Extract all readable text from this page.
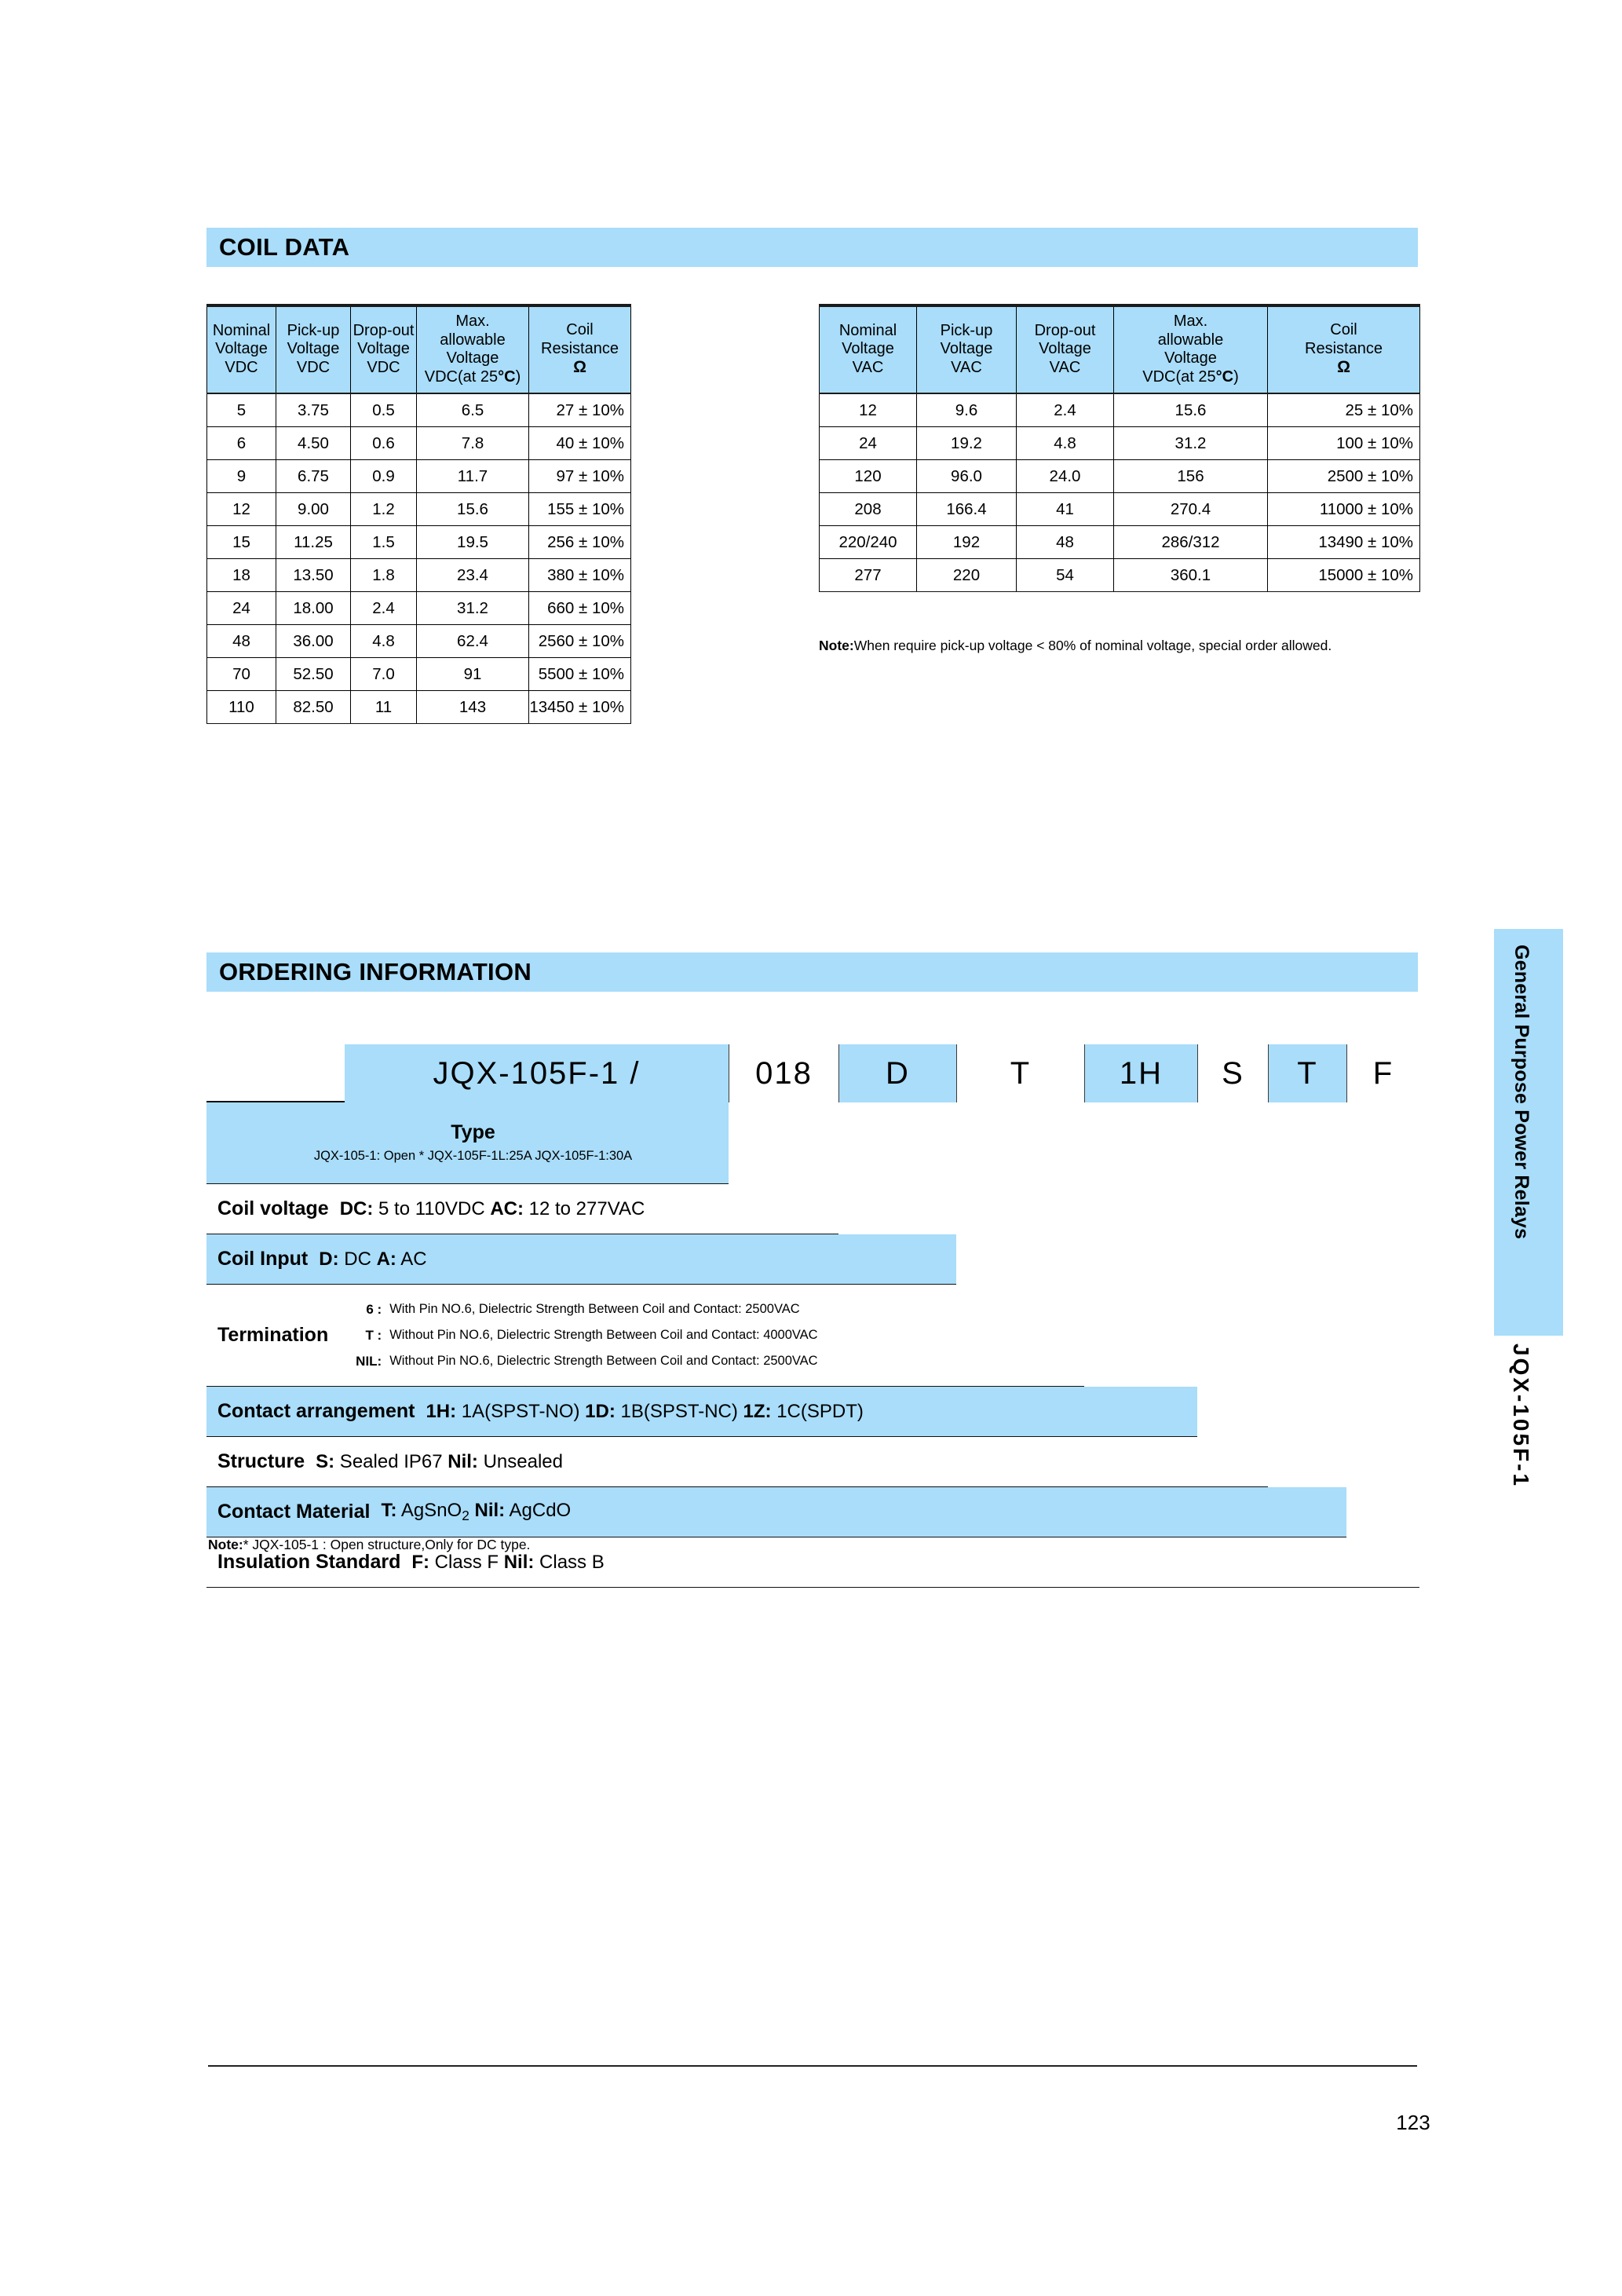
COIL DATA
Nominal
Voltage
VDC	Pick-up
Voltage
VDC	Drop-out
Voltage
VDC	Max.
allowable
Voltage
VDC(at 25°C)	Coil
Resistance
Ω
5	3.75	0.5	6.5	27 ± 10%
6	4.50	0.6	7.8	40 ± 10%
9	6.75	0.9	11.7	97 ± 10%
12	9.00	1.2	15.6	155 ± 10%
15	11.25	1.5	19.5	256 ± 10%
18	13.50	1.8	23.4	380 ± 10%
24	18.00	2.4	31.2	660 ± 10%
48	36.00	4.8	62.4	2560 ± 10%
70	52.50	7.0	91	5500 ± 10%
110	82.50	11	143	13450 ± 10%
Nominal
Voltage
VAC	Pick-up
Voltage
VAC	Drop-out
Voltage
VAC	Max.
allowable
Voltage
VDC(at 25°C)	Coil
Resistance
Ω
12	9.6	2.4	15.6	25 ± 10%
24	19.2	4.8	31.2	100 ± 10%
120	96.0	24.0	156	2500 ± 10%
208	166.4	41	270.4	11000 ± 10%
220/240	192	48	286/312	13490 ± 10%
277	220	54	360.1	15000 ± 10%
Note:When require pick-up voltage < 80% of nominal voltage, special order allowed.
ORDERING INFORMATION
JQX-105F-1 /	018	D	T	1H	S	T	F
Type
JQX-105-1: Open * JQX-105F-1L:25A JQX-105F-1:30A
Coil voltage DC: 5 to 110VDC AC: 12 to 277VAC
Coil Input D: DC A: AC
Termination
6 : With Pin NO.6, Dielectric Strength Between Coil and Contact: 2500VAC
T : Without Pin NO.6, Dielectric Strength Between Coil and Contact: 4000VAC
NIL: Without Pin NO.6, Dielectric Strength Between Coil and Contact: 2500VAC
Contact arrangement 1H: 1A(SPST-NO) 1D: 1B(SPST-NC) 1Z: 1C(SPDT)
Structure S: Sealed IP67 Nil: Unsealed
Contact Material T: AgSnO$_2$ Nil: AgCdO
Insulation Standard F: Class F Nil: Class B
Note:* JQX-105-1 : Open structure,Only for DC type.
General Purpose Power Relays
JQX-105F-1
123
